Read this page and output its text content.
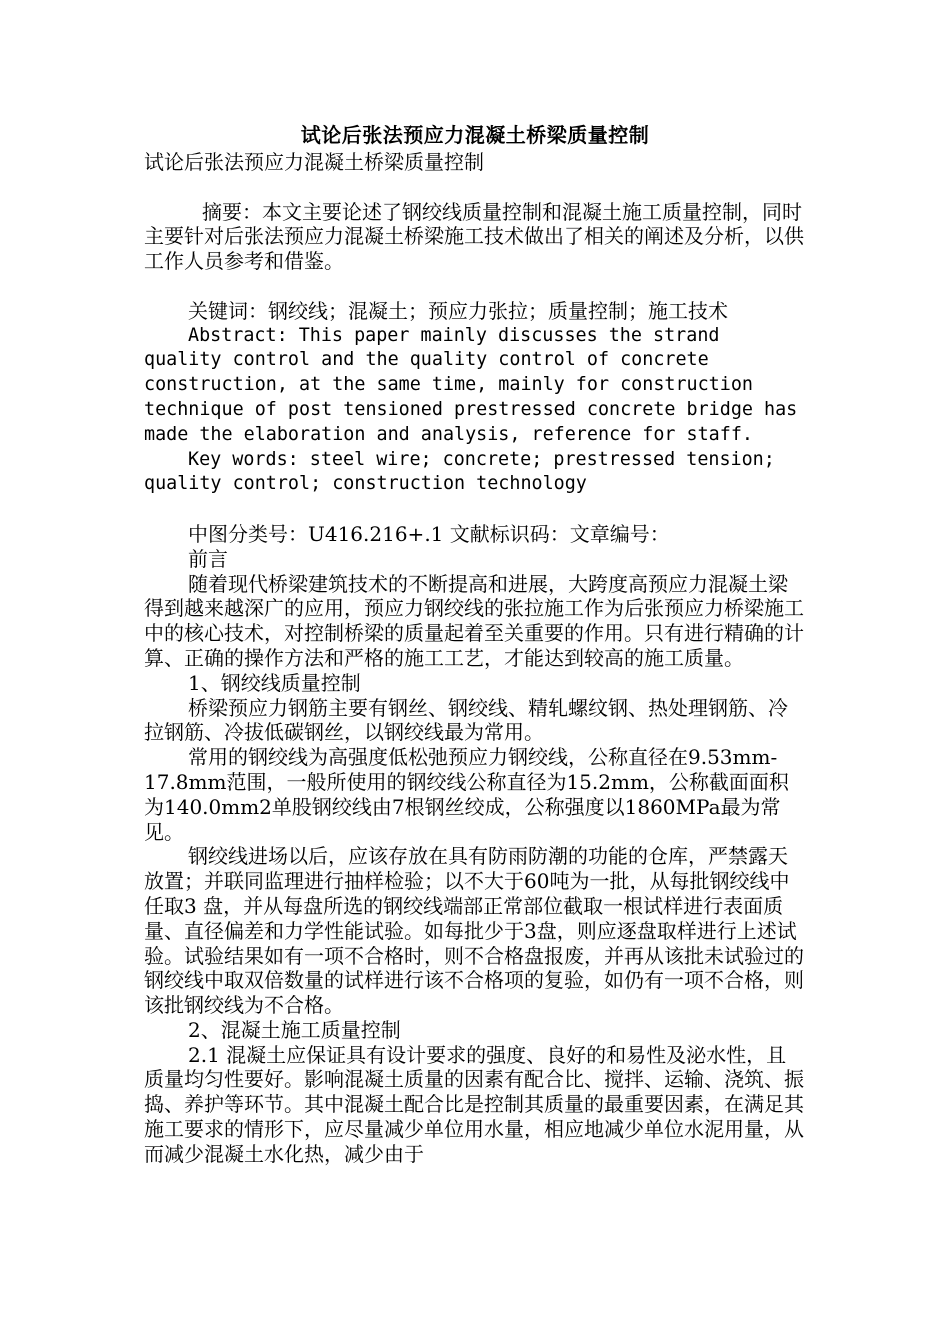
试论后张法预应力混凝土桥梁质量控制

试论后张法预应力混凝土桥梁质量控制

摘要：本文主要论述了钢绞线质量控制和混凝土施工质量控制，同时主要针对后张法预应力混凝土桥梁施工技术做出了相关的阐述及分析，以供工作人员参考和借鉴。

关键词：钢绞线；混凝土；预应力张拉；质量控制；施工技术

Abstract: This paper mainly discusses the strand quality control and the quality control of concrete construction, at the same time, mainly for construction technique of post tensioned prestressed concrete bridge has made the elaboration and analysis, reference for staff.

Key words: steel wire; concrete; prestressed tension; quality control; construction technology

中图分类号：U416.216+.1 文献标识码：文章编号：

前言

随着现代桥梁建筑技术的不断提高和进展，大跨度高预应力混凝土梁得到越来越深广的应用，预应力钢绞线的张拉施工作为后张预应力桥梁施工中的核心技术，对控制桥梁的质量起着至关重要的作用。只有进行精确的计算、正确的操作方法和严格的施工工艺，才能达到较高的施工质量。

1、钢绞线质量控制

桥梁预应力钢筋主要有钢丝、钢绞线、精轧螺纹钢、热处理钢筋、冷拉钢筋、冷拔低碳钢丝，以钢绞线最为常用。

常用的钢绞线为高强度低松弛预应力钢绞线，公称直径在9.53mm-17.8mm范围，一般所使用的钢绞线公称直径为15.2mm，公称截面面积为140.0mm2单股钢绞线由7根钢丝绞成，公称强度以1860MPa最为常见。

钢绞线进场以后，应该存放在具有防雨防潮的功能的仓库，严禁露天放置；并联同监理进行抽样检验；以不大于60吨为一批，从每批钢绞线中任取3 盘，并从每盘所选的钢绞线端部正常部位截取一根试样进行表面质量、直径偏差和力学性能试验。如每批少于3盘，则应逐盘取样进行上述试验。试验结果如有一项不合格时，则不合格盘报废，并再从该批未试验过的钢绞线中取双倍数量的试样进行该不合格项的复验，如仍有一项不合格，则该批钢绞线为不合格。

2、混凝土施工质量控制

2.1 混凝土应保证具有设计要求的强度、良好的和易性及泌水性，且质量均匀性要好。影响混凝土质量的因素有配合比、搅拌、运输、浇筑、振捣、养护等环节。其中混凝土配合比是控制其质量的最重要因素，在满足其施工要求的情形下，应尽量减少单位用水量，相应地减少单位水泥用量，从而减少混凝土水化热，减少由于
